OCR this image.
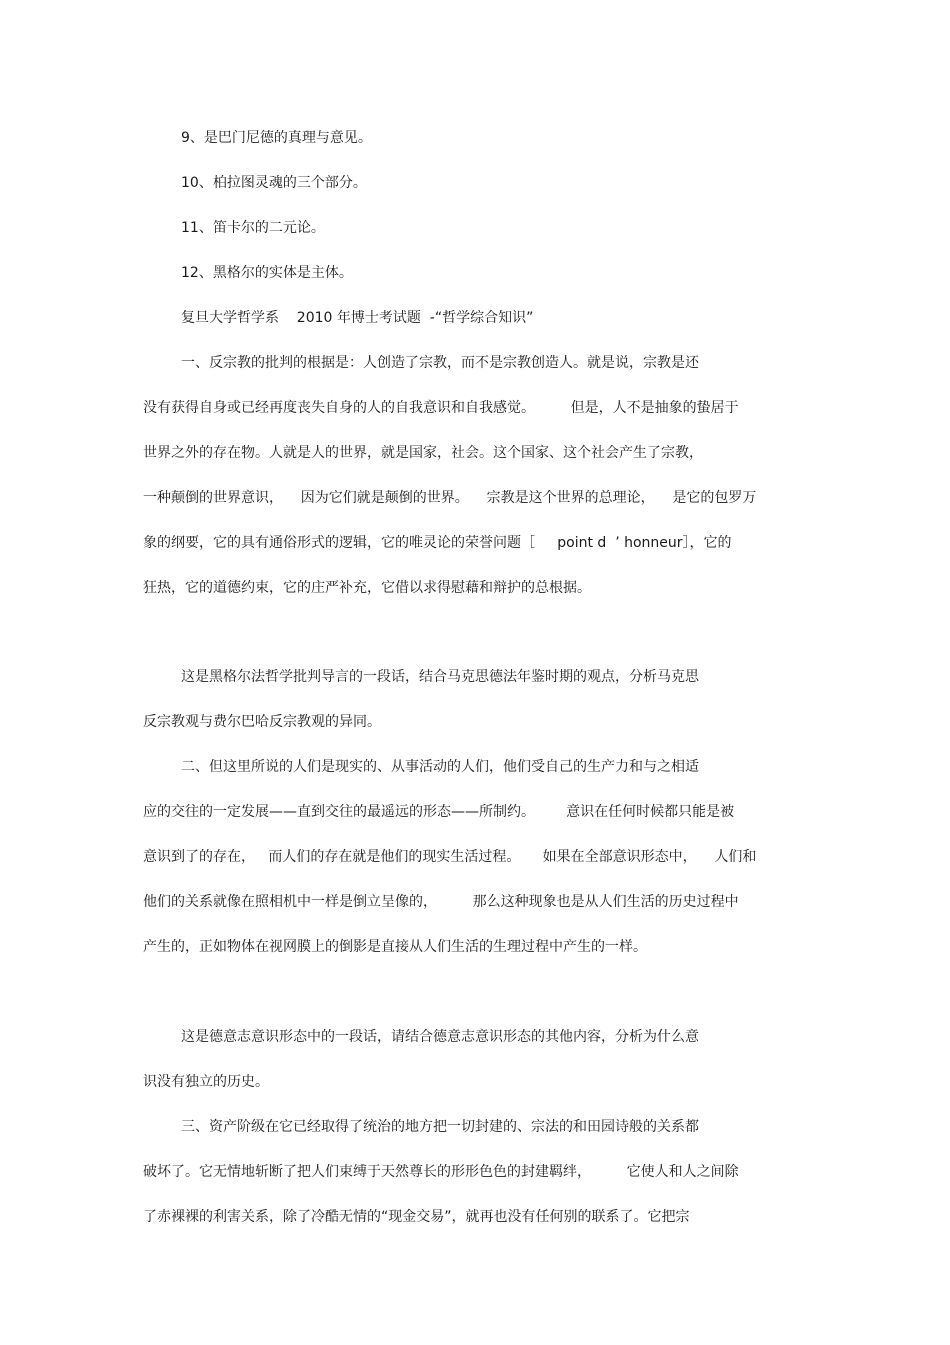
9、是巴门尼德的真理与意见。
10、柏拉图灵魂的三个部分。
11、笛卡尔的二元论。
12、黑格尔的实体是主体。
复旦大学哲学系    2010 年博士考试题  -“哲学综合知识”
一、反宗教的批判的根据是：人创造了宗教，而不是宗教创造人。就是说，宗教是还
没有获得自身或已经再度丧失自身的人的自我意识和自我感觉。        但是，人不是抽象的蛰居于
世界之外的存在物。人就是人的世界，就是国家，社会。这个国家、这个社会产生了宗教，
一种颠倒的世界意识，    因为它们就是颠倒的世界。    宗教是这个世界的总理论，    是它的包罗万
象的纲要，它的具有通俗形式的逻辑，它的唯灵论的荣誉问题［     point d  ’ honneur］，它的
狂热，它的道德约束，它的庄严补充，它借以求得慰藉和辩护的总根据。
这是黑格尔法哲学批判导言的一段话，结合马克思德法年鉴时期的观点，分析马克思
反宗教观与费尔巴哈反宗教观的异同。
二、但这里所说的人们是现实的、从事活动的人们，他们受自己的生产力和与之相适
应的交往的一定发展——直到交往的最遥远的形态——所制约。       意识在任何时候都只能是被
意识到了的存在，   而人们的存在就是他们的现实生活过程。     如果在全部意识形态中，    人们和
他们的关系就像在照相机中一样是倒立呈像的，        那么这种现象也是从人们生活的历史过程中
产生的，正如物体在视网膜上的倒影是直接从人们生活的生理过程中产生的一样。
这是德意志意识形态中的一段话，请结合德意志意识形态的其他内容，分析为什么意
识没有独立的历史。
三、资产阶级在它已经取得了统治的地方把一切封建的、宗法的和田园诗般的关系都
破坏了。它无情地斩断了把人们束缚于天然尊长的形形色色的封建羁绊，        它使人和人之间除
了赤裸裸的利害关系，除了冷酷无情的“现金交易”，就再也没有任何别的联系了。它把宗
